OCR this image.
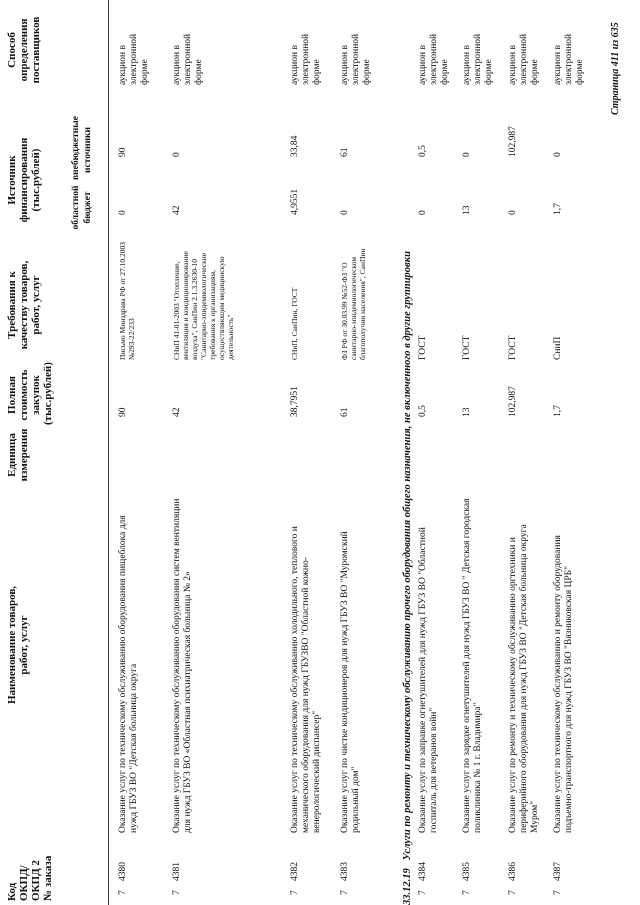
Код
ОКПД/
ОКПД 2
№ заказа
Наименование товаров,
работ, услуг
Единица
измерения
Полная
стоимость
закупок
(тыс.рублей)
Требования к
качеству товаров,
работ, услуг
Источник
финансирования
(тыс.рублей)	областной
бюджет
внебюджетные
источники
Способ
определения
поставщиков
7
4380
Оказание услуг по техническому обслуживанию оборудования пищеблока для нужд ГБУЗ ВО "Детская больница округа
90
Письмо Минздрава РФ от 27.10.2003 №293-22/233
0
90
аукцион в электронной форме
7
4381
Оказание услуг по техническому обслуживанию оборудования систем вентиляции для нужд ГБУЗ ВО «Областная психиатрическая больница № 2»
42
СНиП 41-01-2003 "Отопление, вентиляция и кондиционирование воздуха", СанПин 2.1.3.2630-10 "Санитарно-эпидемиологические требования к организациям, осуществляющим медицинскую деятельность"
42
0
аукцион в электронной форме
7
4382
Оказание услуг по техническому обслуживанию холодильного, теплового и механического оборудования для нужд ГБУЗВО "Областной кожно-венерологический диспансер"
38,7951
СНиП, СанПин, ГОСТ
4,9551
33,84
аукцион в электронной форме
7
4383
Оказание услуг по чистке кондиционеров для нужд ГБУЗ ВО "Муромский родильный дом"
61
ФЗ РФ от 30.03.99 №52-ФЗ "О санитарно-эпидемиологическом благополучии населения", СанПин
0
61
аукцион в электронной форме
33.12.19   Услуги по ремонту и техническому обслуживанию прочего оборудования общего назначения, не включенного в другие группировки
7
4384
Оказание услуг по заправке огнетушителей для нужд ГБУЗ ВО "Областной госпиталь для ветеранов войн"
0,5
ГОСТ
0
0,5
аукцион в электронной форме
7
4385
Оказание услуг по зарядке огнетушителей для нужд ГБУЗ ВО " Детская городская поликлиника № 1 г. Владимира"
13
ГОСТ
13
0
аукцион в электронной форме
7
4386
Оказание услуг по ремонту и техническому обслуживанию оргтехники и периферийного оборудования для нужд ГБУЗ ВО "Детская больница округа Муром"
102,987
ГОСТ
0
102,987
аукцион в электронной форме
7
4387
Оказание услуг по техническому обслуживанию и ремонту оборудования подъемно-транспортного для нужд ГБУЗ ВО "Вязниковская ЦРБ"
1,7
СниП
1,7
0
аукцион в электронной форме	Страница 411 из 635
